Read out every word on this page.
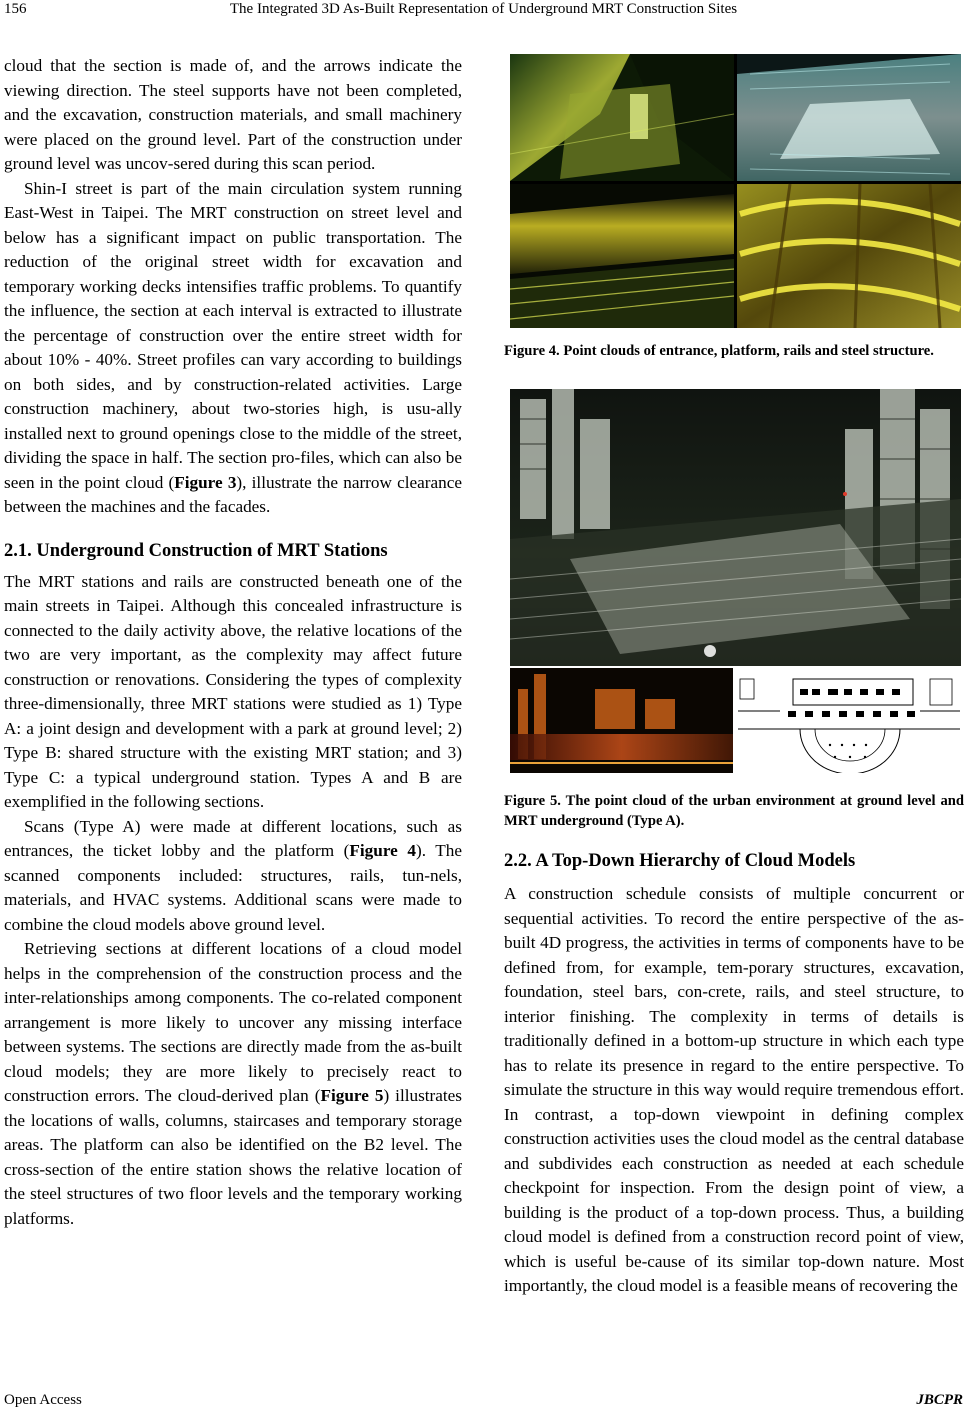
156	The Integrated 3D As-Built Representation of Underground MRT Construction Sites

cloud that the section is made of, and the arrows indicate the viewing direction. The steel supports have not been completed, and the excavation, construction materials, and small machinery were placed on the ground level. Part of the construction under ground level was uncov-sered during this scan period.

Shin-I street is part of the main circulation system running East-West in Taipei. The MRT construction on street level and below has a significant impact on public transportation. The reduction of the original street width for excavation and temporary working decks intensifies traffic problems. To quantify the influence, the section at each interval is extracted to illustrate the percentage of construction over the entire street width for about 10% - 40%. Street profiles can vary according to buildings on both sides, and by construction-related activities. Large construction machinery, about two-stories high, is usu-ally installed next to ground openings close to the middle of the street, dividing the space in half. The section pro-files, which can also be seen in the point cloud (Figure 3), illustrate the narrow clearance between the machines and the facades.

2.1. Underground Construction of MRT Stations

The MRT stations and rails are constructed beneath one of the main streets in Taipei. Although this concealed infrastructure is connected to the daily activity above, the relative locations of the two are very important, as the complexity may affect future construction or renovations. Considering the types of complexity three-dimensionally, three MRT stations were studied as 1) Type A: a joint design and development with a park at ground level; 2) Type B: shared structure with the existing MRT station; and 3) Type C: a typical underground station. Types A and B are exemplified in the following sections.

Scans (Type A) were made at different locations, such as entrances, the ticket lobby and the platform (Figure 4). The scanned components included: structures, rails, tun-nels, materials, and HVAC systems. Additional scans were made to combine the cloud models above ground level.

Retrieving sections at different locations of a cloud model helps in the comprehension of the construction process and the inter-relationships among components. The co-related component arrangement is more likely to uncover any missing interface between systems. The sections are directly made from the as-built cloud models; they are more likely to precisely react to construction errors. The cloud-derived plan (Figure 5) illustrates the locations of walls, columns, staircases and temporary storage areas. The platform can also be identified on the B2 level. The cross-section of the entire station shows the relative location of the steel structures of two floor levels and the temporary working platforms.

Figure 4. Point clouds of entrance, platform, rails and steel structure.

Figure 5. The point cloud of the urban environment at ground level and MRT underground (Type A).

2.2. A Top-Down Hierarchy of Cloud Models

A construction schedule consists of multiple concurrent or sequential activities. To record the entire perspective of the as-built 4D progress, the activities in terms of components have to be defined from, for example, tem-porary structures, excavation, foundation, steel bars, con-crete, rails, and steel structure, to interior finishing. The complexity in terms of details is traditionally defined in a bottom-up structure in which each type has to relate its presence in regard to the entire perspective. To simulate the structure in this way would require tremendous effort. In contrast, a top-down viewpoint in defining complex construction activities uses the cloud model as the central database and subdivides each construction as needed at each schedule checkpoint for inspection. From the design point of view, a building is the product of a top-down process. Thus, a building cloud model is defined from a construction record point of view, which is useful be-cause of its similar top-down nature. Most importantly, the cloud model is a feasible means of recovering the

Open Access	JBCPR
